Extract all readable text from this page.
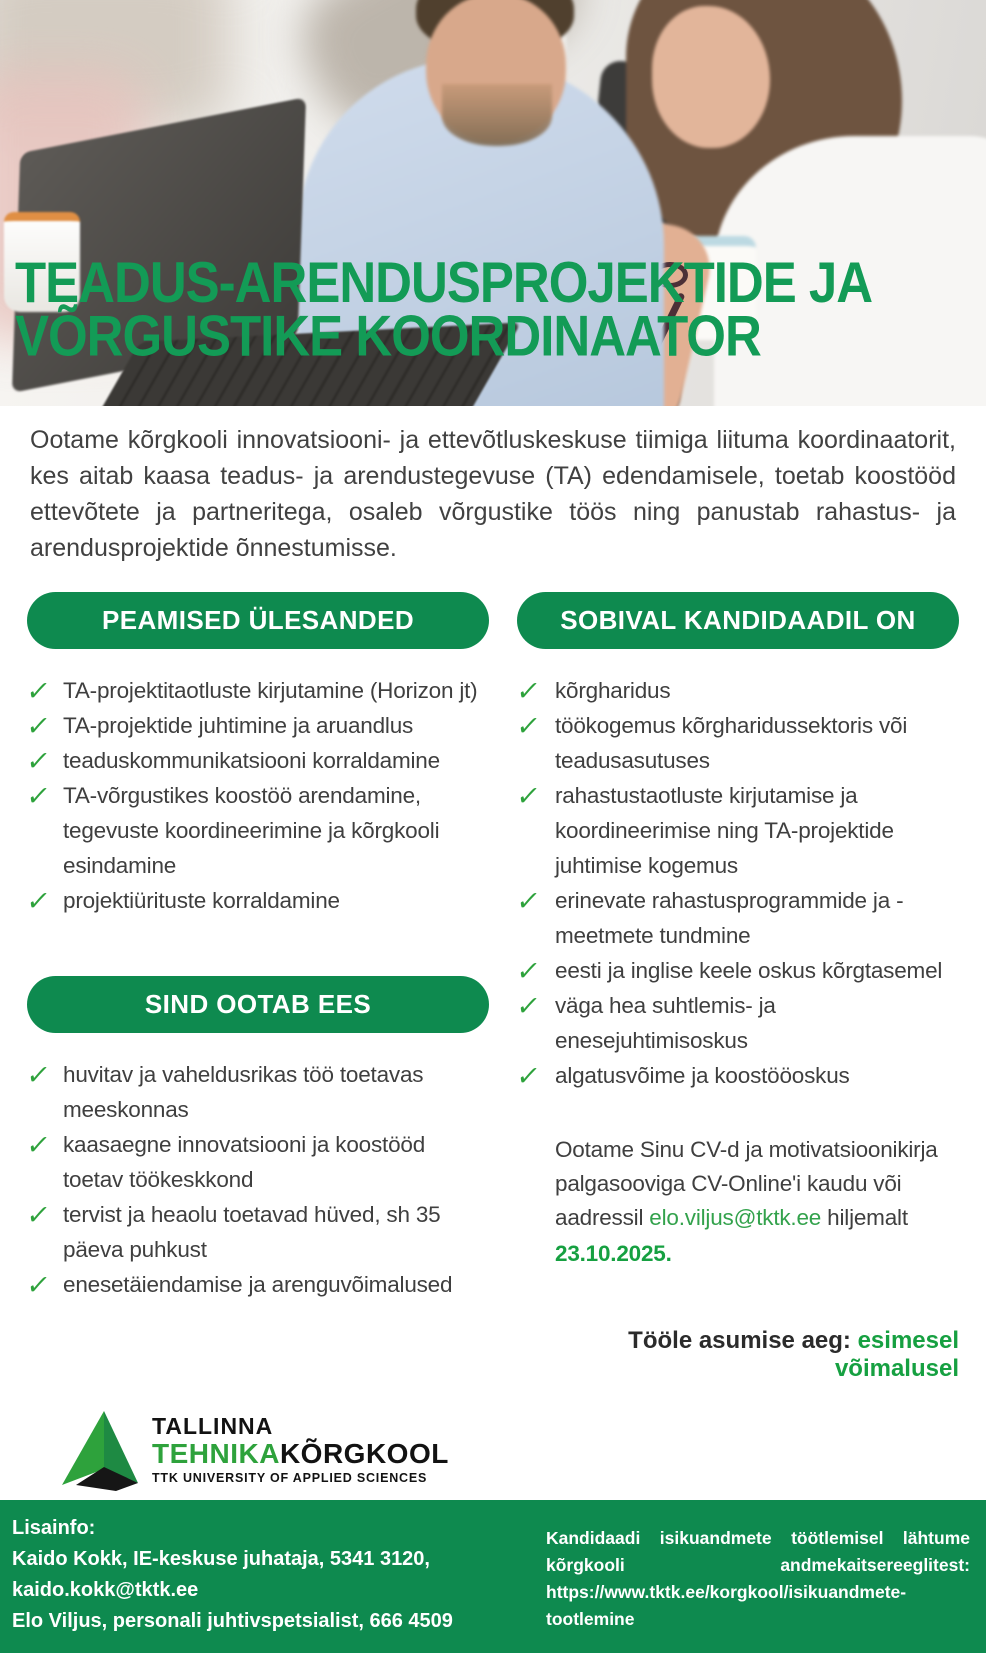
TEADUS-ARENDUSPROJEKTIDE JA
VÕRGUSTIKE KOORDINAATOR

Ootame kõrgkooli innovatsiooni- ja ettevõtluskeskuse tiimiga liituma koordinaatorit, kes aitab kaasa teadus- ja arendustegevuse (TA) edendamisele, toetab koostööd ettevõtete ja partneritega, osaleb võrgustike töös ning panustab rahastus- ja arendusprojektide õnnestumisse.

PEAMISED ÜLESANDED
✓ TA-projektitaotluste kirjutamine (Horizon jt)
✓ TA-projektide juhtimine ja aruandlus
✓ teaduskommunikatsiooni korraldamine
✓ TA-võrgustikes koostöö arendamine, tegevuste koordineerimine ja kõrgkooli esindamine
✓ projektiürituste korraldamine
SIND OOTAB EES
✓ huvitav ja vaheldusrikas töö toetavas meeskonnas
✓ kaasaegne innovatsiooni ja koostööd toetav töökeskkond
✓ tervist ja heaolu toetavad hüved, sh 35 päeva puhkust
✓ enesetäiendamise ja arenguvõimalused
SOBIVAL KANDIDAADIL ON
✓ kõrgharidus
✓ töökogemus kõrgharidussektoris või teadusasutuses
✓ rahastustaotluste kirjutamise ja koordineerimise ning TA-projektide juhtimise kogemus
✓ erinevate rahastusprogrammide ja -meetmete tundmine
✓ eesti ja inglise keele oskus kõrgtasemel
✓ väga hea suhtlemis- ja enesejuhtimisoskus
✓ algatusvõime ja koostööoskus

Ootame Sinu CV-d ja motivatsioonikirja palgasooviga CV-Online'i kaudu või aadressil elo.viljus@tktk.ee hiljemalt
23.10.2025.

Tööle asumise aeg: esimesel võimalusel

TALLINNA
TEHNIKAKÕRGKOOL
TTK UNIVERSITY OF APPLIED SCIENCES
Lisainfo:
Kaido Kokk, IE-keskuse juhataja, 5341 3120,
kaido.kokk@tktk.ee
Elo Viljus, personali juhtivspetsialist, 666 4509

Kandidaadi isikuandmete töötlemisel lähtume kõrgkooli andmekaitsereeglitest: https://www.tktk.ee/korgkool/isikuandmete-tootlemine
